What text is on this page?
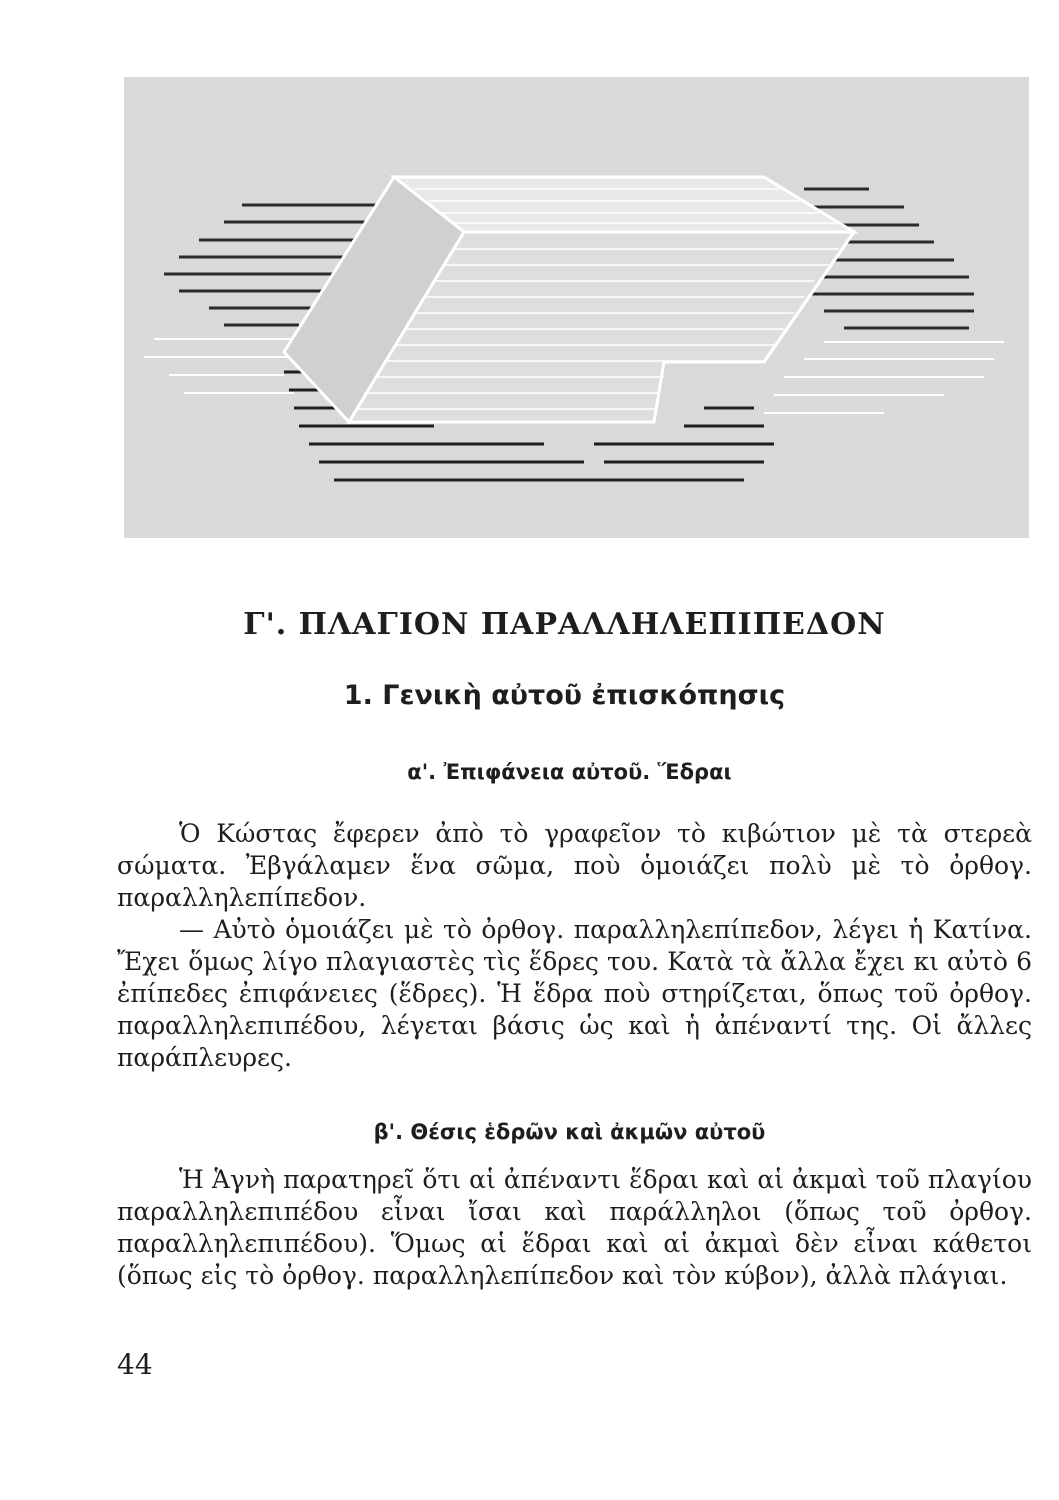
Γ'. ΠΛΑΓΙΟΝ ΠΑΡΑΛΛΗΛΕΠΙΠΕΔΟΝ
1. Γενικὴ αὐτοῦ ἐπισκόπησις
α'. Ἐπιφάνεια αὐτοῦ. Ἕδραι

Ὁ Κώστας ἔφερεν ἀπὸ τὸ γραφεῖον τὸ κιβώτιον μὲ τὰ στερεὰ σώματα. Ἐβγάλαμεν ἕνα σῶμα, ποὺ ὁμοιάζει πολὺ μὲ τὸ ὀρθογ. παραλληλεπίπεδον.

— Αὐτὸ ὁμοιάζει μὲ τὸ ὀρθογ. παραλληλεπίπεδον, λέγει ἡ Κατίνα. Ἔχει ὅμως λίγο πλαγιαστὲς τὶς ἕδρες του. Κατὰ τὰ ἄλλα ἔχει κι αὐτὸ 6 ἐπίπεδες ἐπιφάνειες (ἕδρες). Ἡ ἕδρα ποὺ στηρίζεται, ὅπως τοῦ ὀρθογ. παραλληλεπιπέδου, λέγεται βάσις ὡς καὶ ἡ ἀπέναντί της. Οἱ ἄλλες παράπλευρες.

β'. Θέσις ἑδρῶν καὶ ἀκμῶν αὐτοῦ

Ἡ Ἁγνὴ παρατηρεῖ ὅτι αἱ ἀπέναντι ἕδραι καὶ αἱ ἀκμαὶ τοῦ πλαγίου παραλληλεπιπέδου εἶναι ἴσαι καὶ παράλληλοι (ὅπως τοῦ ὀρθογ. παραλληλεπιπέδου). Ὅμως αἱ ἕδραι καὶ αἱ ἀκμαὶ δὲν εἶναι κάθετοι (ὅπως εἰς τὸ ὀρθογ. παραλληλεπίπεδον καὶ τὸν κύβον), ἀλλὰ πλάγιαι.

44
